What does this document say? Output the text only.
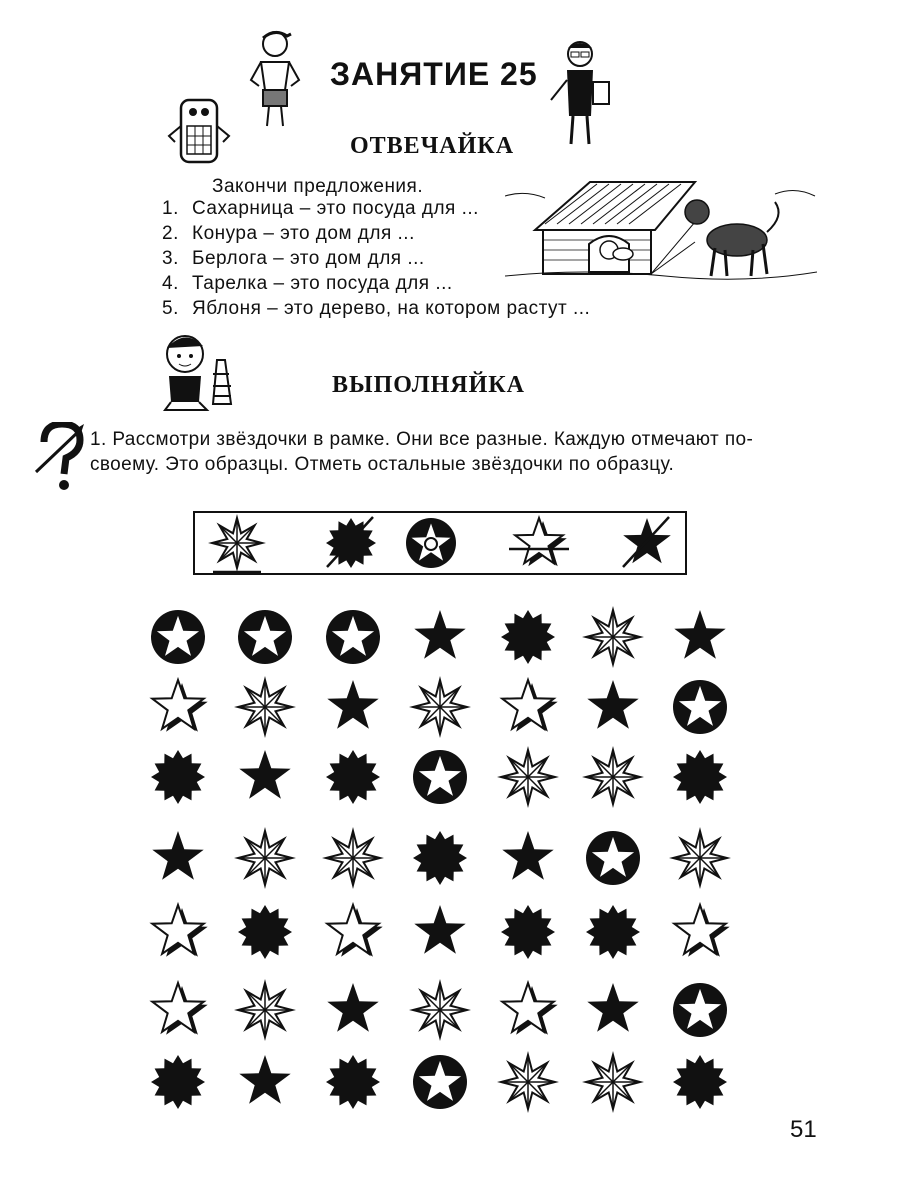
ЗАНЯТИЕ 25
ОТВЕЧАЙКА
Закончи предложения.
1. Сахарница – это посуда для ...
2. Конура – это дом для ...
3. Берлога – это дом для ...
4. Тарелка – это посуда для ...
5. Яблоня – это дерево, на котором растут ...
ВЫПОЛНЯЙКА
1. Рассмотри звёздочки в рамке. Они все разные. Каждую отмечают по-
своему. Это образцы. Отметь остальные звёздочки по образцу.
51
